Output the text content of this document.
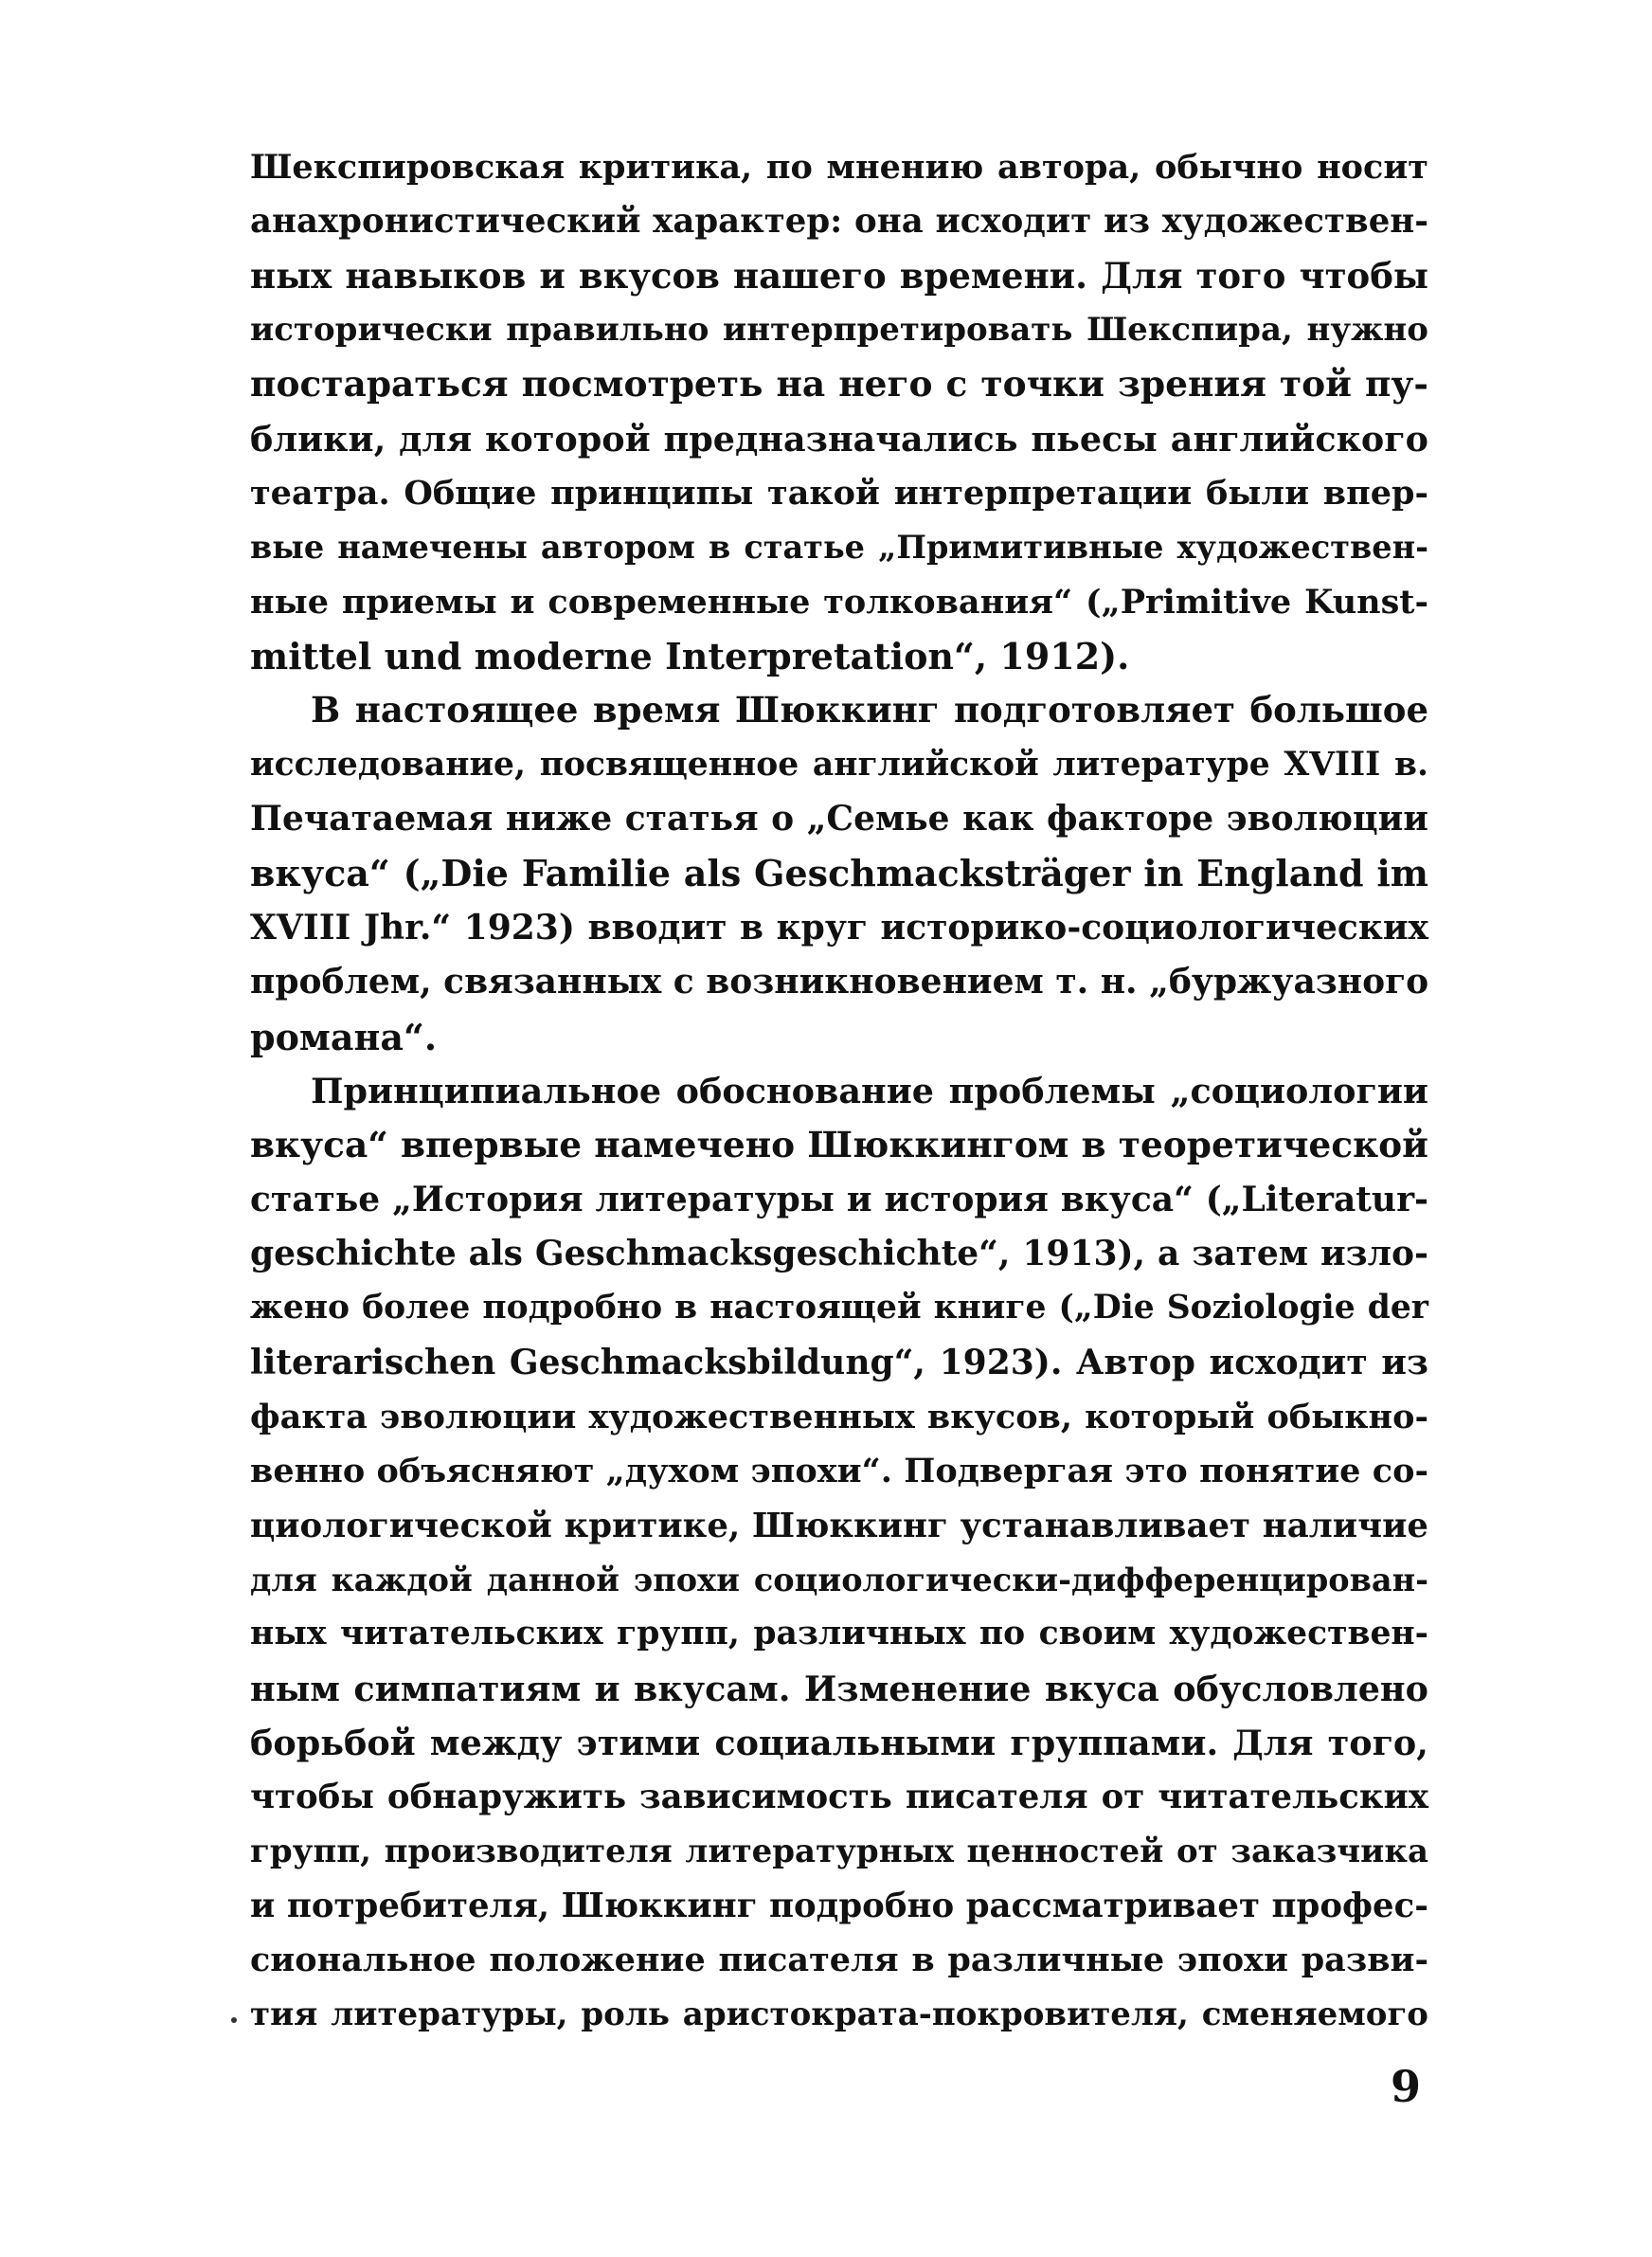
Шекспировская критика, по мнению автора, обычно носит
анахронистический характер: она исходит из художествен-
ных навыков и вкусов нашего времени. Для того чтобы
исторически правильно интерпретировать Шекспира, нужно
постараться посмотреть на него с точки зрения той пу-
блики, для которой предназначались пьесы английского
театра. Общие принципы такой интерпретации были впер-
вые намечены автором в статье „Примитивные художествен-
ные приемы и современные толкования“ („Primitive Kunst-
mittel und moderne Interpretation“, 1912).
В настоящее время Шюккинг подготовляет большое
исследование, посвященное английской литературе XVIII в.
Печатаемая ниже статья о „Семье как факторе эволюции
вкуса“ („Die Familie als Geschmacksträger in England im
XVIII Jhr.“ 1923) вводит в круг историко-социологических
проблем, связанных с возникновением т. н. „буржуазного
романа“.
Принципиальное обоснование проблемы „социологии
вкуса“ впервые намечено Шюккингом в теоретической
статье „История литературы и история вкуса“ („Literatur-
geschichte als Geschmacksgeschichte“, 1913), а затем изло-
жено более подробно в настоящей книге („Die Soziologie der
literarischen Geschmacksbildung“, 1923). Автор исходит из
факта эволюции художественных вкусов, который обыкно-
венно объясняют „духом эпохи“. Подвергая это понятие со-
циологической критике, Шюккинг устанавливает наличие
для каждой данной эпохи социологически-дифференцирован-
ных читательских групп, различных по своим художествен-
ным симпатиям и вкусам. Изменение вкуса обусловлено
борьбой между этими социальными группами. Для того,
чтобы обнаружить зависимость писателя от читательских
групп, производителя литературных ценностей от заказчика
и потребителя, Шюккинг подробно рассматривает профес-
сиональное положение писателя в различные эпохи разви-
тия литературы, роль аристократа-покровителя, сменяемого
9
